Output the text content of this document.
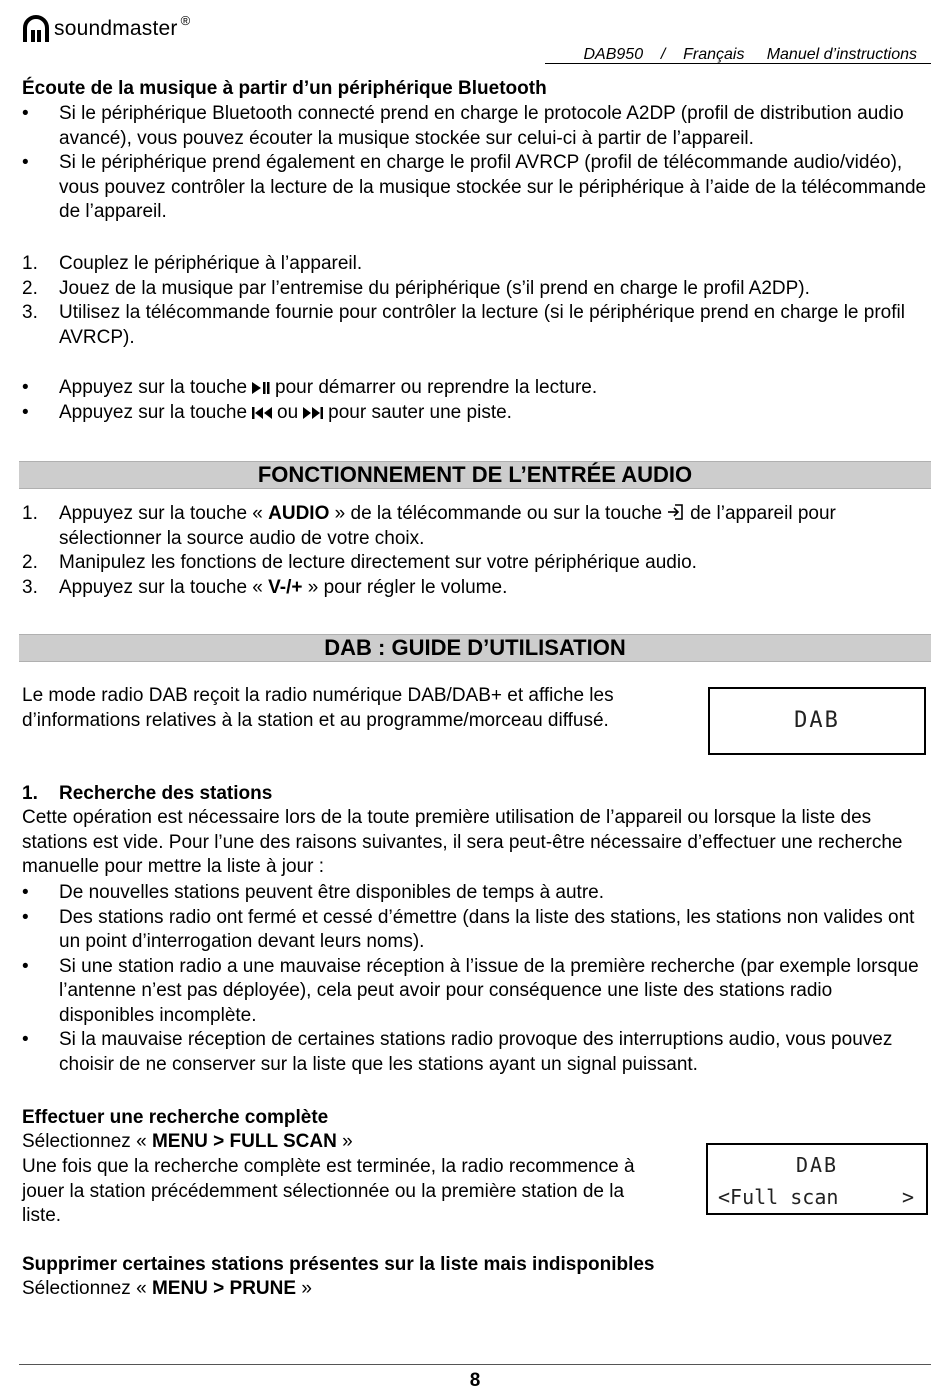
soundmaster ®
DAB950 / Français Manuel d’instructions
Écoute de la musique à partir d’un périphérique Bluetooth
• Si le périphérique Bluetooth connecté prend en charge le protocole A2DP (profil de distribution audio avancé), vous pouvez écouter la musique stockée sur celui-ci à partir de l’appareil.
• Si le périphérique prend également en charge le profil AVRCP (profil de télécommande audio/vidéo), vous pouvez contrôler la lecture de la musique stockée sur le périphérique à l’aide de la télécommande de l’appareil.
1. Couplez le périphérique à l’appareil.
2. Jouez de la musique par l’entremise du périphérique (s’il prend en charge le profil A2DP).
3. Utilisez la télécommande fournie pour contrôler la lecture (si le périphérique prend en charge le profil AVRCP).
• Appuyez sur la touche pour démarrer ou reprendre la lecture.
• Appuyez sur la touche ou pour sauter une piste.
FONCTIONNEMENT DE L’ENTRÉE AUDIO
1. Appuyez sur la touche « AUDIO » de la télécommande ou sur la touche de l’appareil pour sélectionner la source audio de votre choix.
2. Manipulez les fonctions de lecture directement sur votre périphérique audio.
3. Appuyez sur la touche « V-/+ » pour régler le volume.
DAB : GUIDE D’UTILISATION
Le mode radio DAB reçoit la radio numérique DAB/DAB+ et affiche les d’informations relatives à la station et au programme/morceau diffusé.	DAB
1. Recherche des stations
Cette opération est nécessaire lors de la toute première utilisation de l’appareil ou lorsque la liste des stations est vide. Pour l’une des raisons suivantes, il sera peut-être nécessaire d’effectuer une recherche manuelle pour mettre la liste à jour :
• De nouvelles stations peuvent être disponibles de temps à autre.
• Des stations radio ont fermé et cessé d’émettre (dans la liste des stations, les stations non valides ont un point d’interrogation devant leurs noms).
• Si une station radio a une mauvaise réception à l’issue de la première recherche (par exemple lorsque l’antenne n’est pas déployée), cela peut avoir pour conséquence une liste des stations radio disponibles incomplète.
• Si la mauvaise réception de certaines stations radio provoque des interruptions audio, vous pouvez choisir de ne conserver sur la liste que les stations ayant un signal puissant.
Effectuer une recherche complète
Sélectionnez « MENU > FULL SCAN »
Une fois que la recherche complète est terminée, la radio recommence à jouer la station précédemment sélectionnée ou la première station de la liste.
DAB
<Full scan	>
Supprimer certaines stations présentes sur la liste mais indisponibles
Sélectionnez « MENU > PRUNE »
8
